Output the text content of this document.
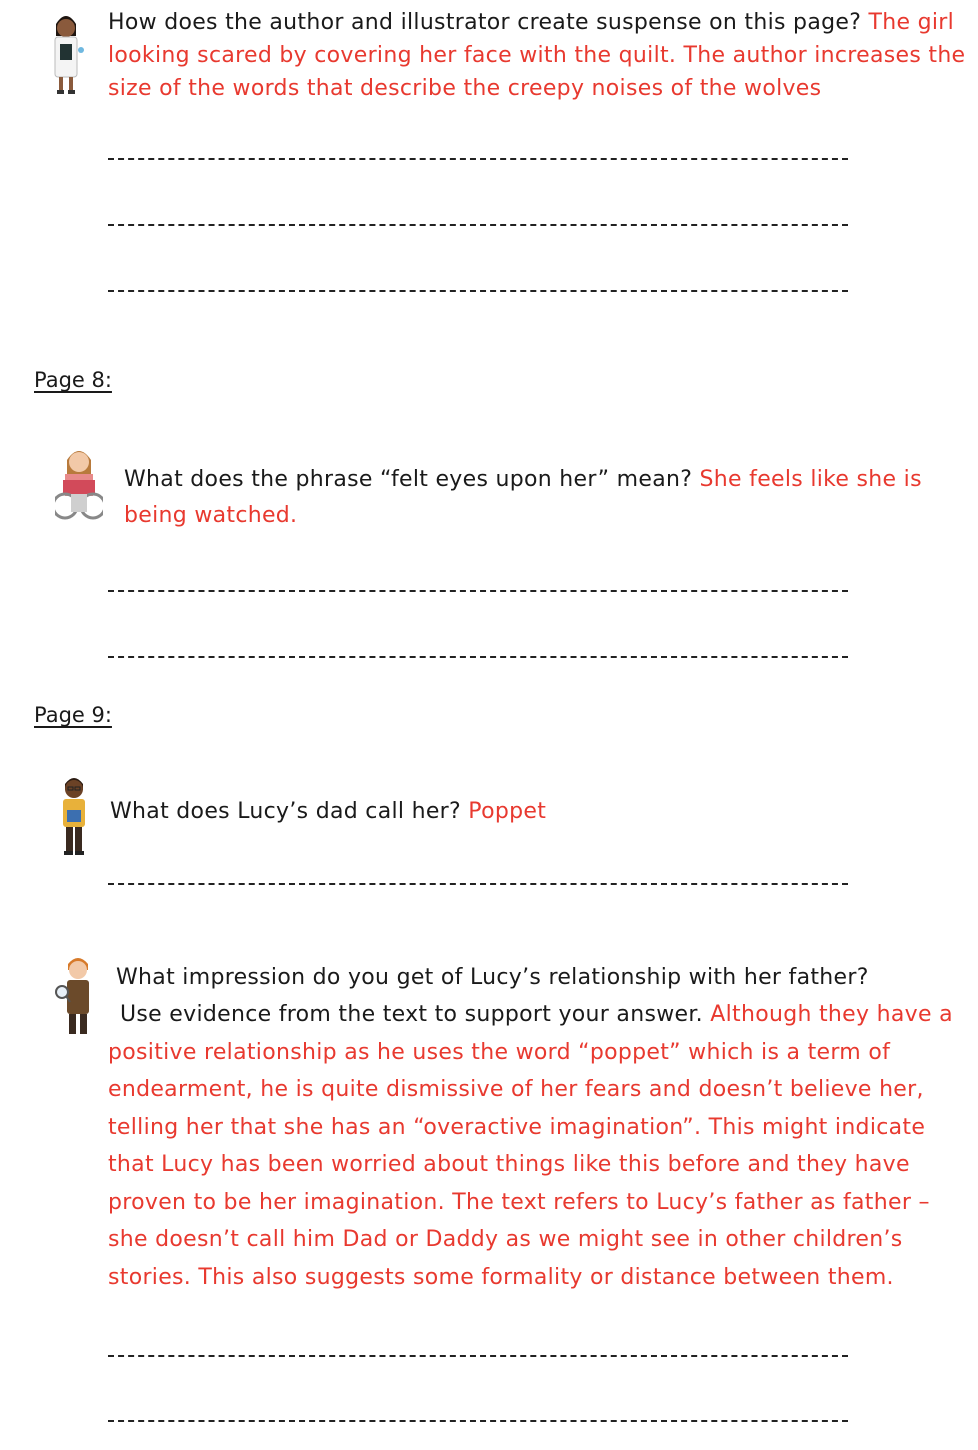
How does the author and illustrator create suspense on this page? The girl looking scared by covering her face with the quilt. The author increases the size of the words that describe the creepy noises of the wolves
Page 8:
What does the phrase “felt eyes upon her” mean? She feels like she is being watched.
Page 9:
What does Lucy’s dad call her? Poppet
What impression do you get of Lucy’s relationship with her father?
Use evidence from the text to support your answer. Although they have a positive relationship as he uses the word “poppet” which is a term of endearment, he is quite dismissive of her fears and doesn’t believe her, telling her that she has an “overactive imagination”. This might indicate that Lucy has been worried about things like this before and they have proven to be her imagination. The text refers to Lucy’s father as father – she doesn’t call him Dad or Daddy as we might see in other children’s stories. This also suggests some formality or distance between them.
